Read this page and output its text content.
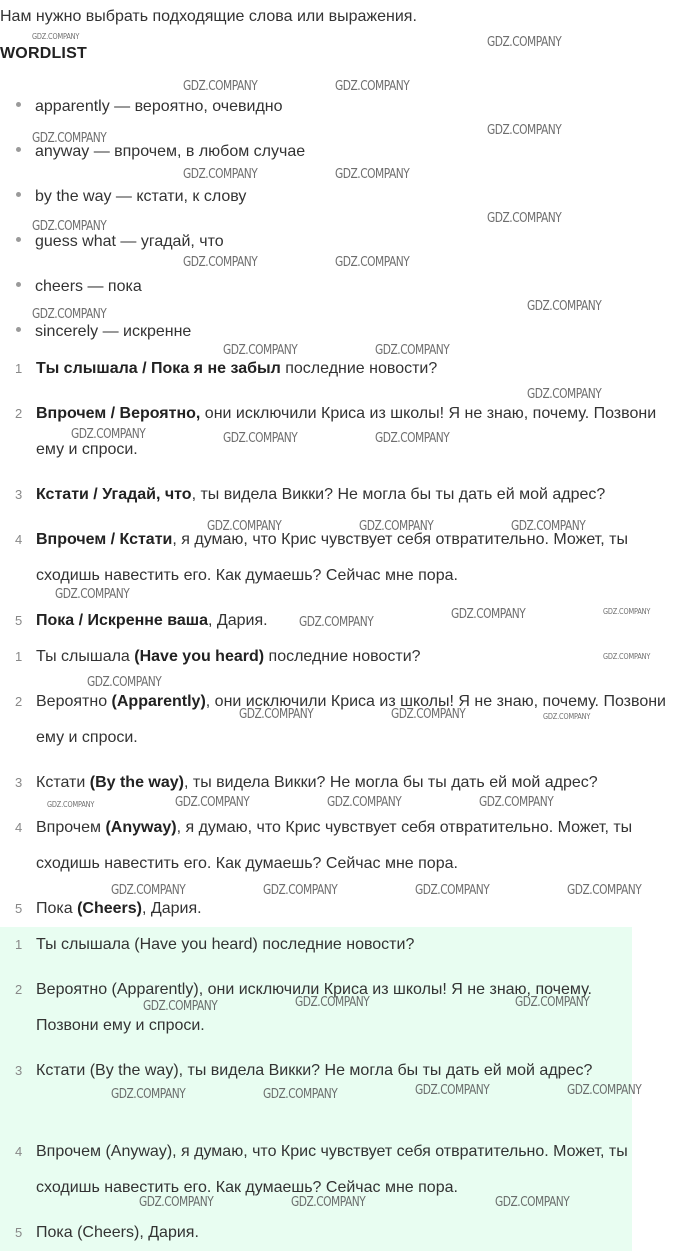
Нам нужно выбрать подходящие слова или выражения.
WORDLIST
apparently — вероятно, очевидно
anyway — впрочем, в любом случае
by the way — кстати, к слову
guess what — угадай, что
cheers — пока
sincerely — искренне
1 Ты слышала / Пока я не забыл последние новости?
2 Впрочем / Вероятно, они исключили Криса из школы! Я не знаю, почему. Позвони ему и спроси.
3 Кстати / Угадай, что, ты видела Викки? Не могла бы ты дать ей мой адрес?
4 Впрочем / Кстати, я думаю, что Крис чувствует себя отвратительно. Может, ты сходишь навестить его. Как думаешь? Сейчас мне пора.
5 Пока / Искренне ваша, Дария.
1 Ты слышала (Have you heard) последние новости?
2 Вероятно (Apparently), они исключили Криса из школы! Я не знаю, почему. Позвони ему и спроси.
3 Кстати (By the way), ты видела Викки? Не могла бы ты дать ей мой адрес?
4 Впрочем (Anyway), я думаю, что Крис чувствует себя отвратительно. Может, ты сходишь навестить его. Как думаешь? Сейчас мне пора.
5 Пока (Cheers), Дария.
1 Ты слышала (Have you heard) последние новости?
2 Вероятно (Apparently), они исключили Криса из школы! Я не знаю, почему. Позвони ему и спроси.
3 Кстати (By the way), ты видела Викки? Не могла бы ты дать ей мой адрес?
4 Впрочем (Anyway), я думаю, что Крис чувствует себя отвратительно. Может, ты сходишь навестить его. Как думаешь? Сейчас мне пора.
5 Пока (Cheers), Дария.
GDZ.COMPANY	GDZ.COMPANY
GDZ.COMPANY	GDZ.COMPANY
GDZ.COMPANY
GDZ.COMPANY
GDZ.COMPANY	GDZ.COMPANY
GDZ.COMPANY
GDZ.COMPANY
GDZ.COMPANY	GDZ.COMPANY
GDZ.COMPANY
GDZ.COMPANY
GDZ.COMPANY	GDZ.COMPANY
GDZ.COMPANY
GDZ.COMPANY	GDZ.COMPANY	GDZ.COMPANY
GDZ.COMPANY	GDZ.COMPANY	GDZ.COMPANY
GDZ.COMPANY
GDZ.COMPANY
GDZ.COMPANY
GDZ.COMPANY
GDZ.COMPANY
GDZ.COMPANY
GDZ.COMPANY	GDZ.COMPANY	GDZ.COMPANY
GDZ.COMPANY	GDZ.COMPANY	GDZ.COMPANY	GDZ.COMPANY
GDZ.COMPANY	GDZ.COMPANY	GDZ.COMPANY	GDZ.COMPANY
GDZ.COMPANY	GDZ.COMPANY	GDZ.COMPANY
GDZ.COMPANY	GDZ.COMPANY	GDZ.COMPANY	GDZ.COMPANY
GDZ.COMPANY	GDZ.COMPANY	GDZ.COMPANY
